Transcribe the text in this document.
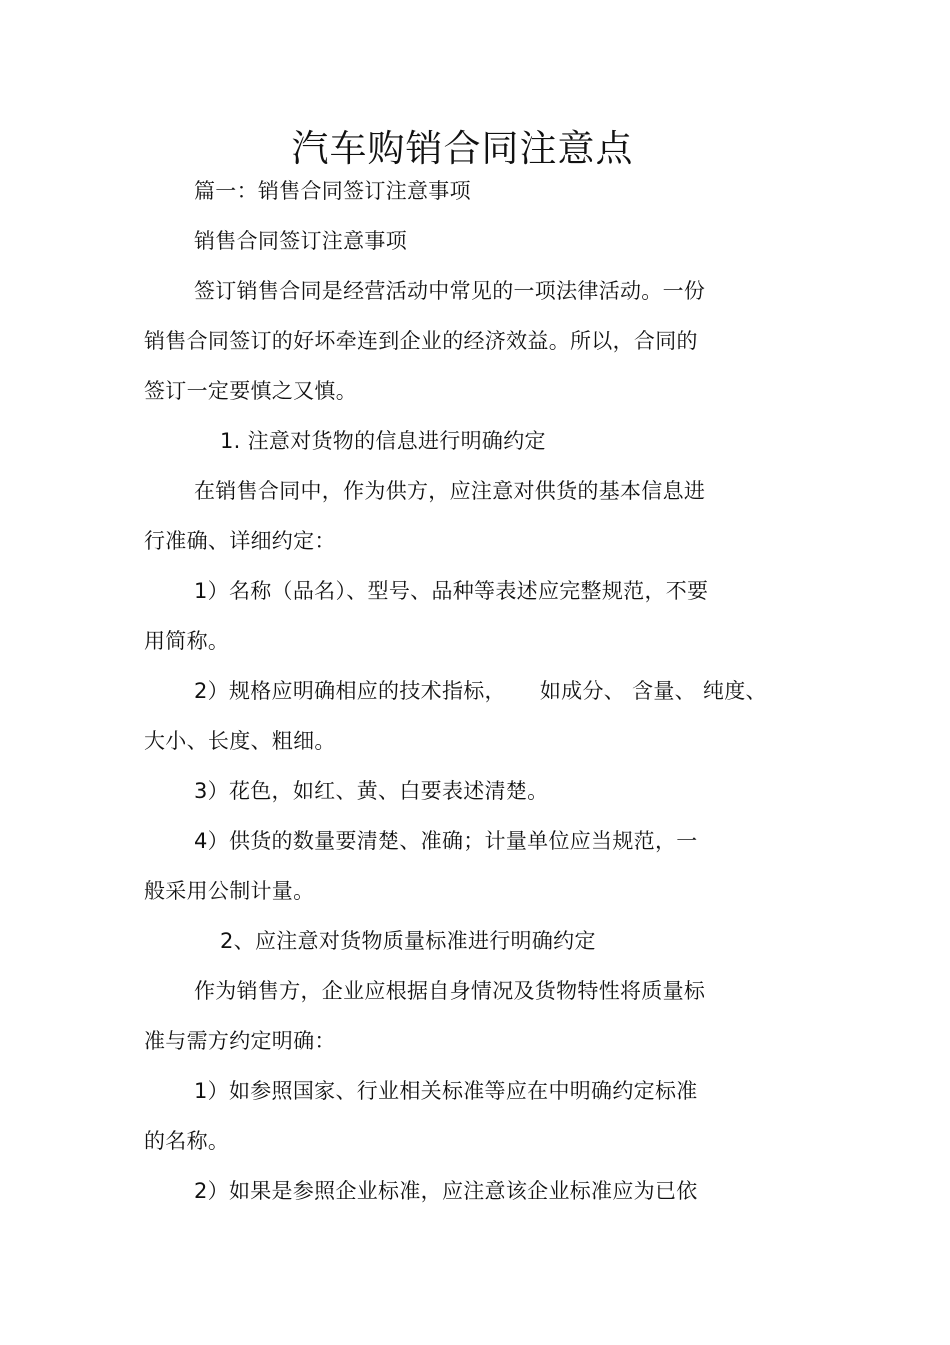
汽车购销合同注意点
篇一：销售合同签订注意事项
销售合同签订注意事项
签订销售合同是经营活动中常见的一项法律活动。一份
销售合同签订的好坏牵连到企业的经济效益。所以，合同的
签订一定要慎之又慎。
1. 注意对货物的信息进行明确约定
在销售合同中，作为供方，应注意对供货的基本信息进
行准确、详细约定：
1）名称（品名）、型号、品种等表述应完整规范，不要
用简称。
2）规格应明确相应的技术指标， 如成分、 含量、 纯度、
大小、长度、粗细。
3）花色，如红、黄、白要表述清楚。
4）供货的数量要清楚、准确；计量单位应当规范，一
般采用公制计量。
2、应注意对货物质量标准进行明确约定
作为销售方，企业应根据自身情况及货物特性将质量标
准与需方约定明确：
1）如参照国家、行业相关标准等应在中明确约定标准
的名称。
2）如果是参照企业标准，应注意该企业标准应为已依
